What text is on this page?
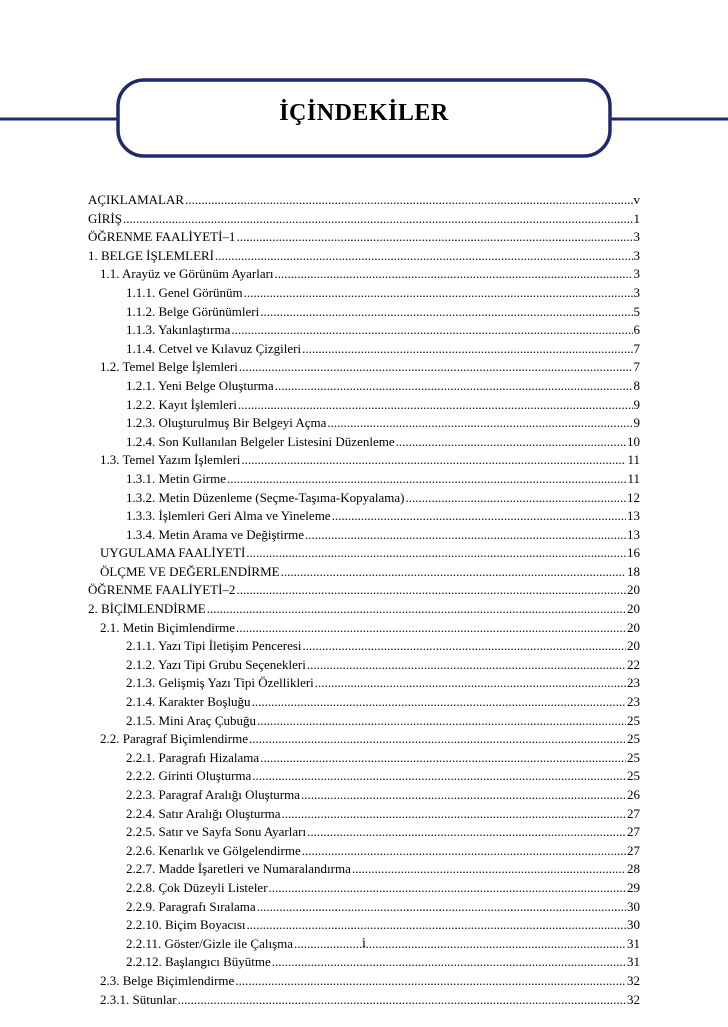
İÇİNDEKİLER
AÇIKLAMALAR .....	v
GİRİŞ .....	1
ÖĞRENME FAALİYETİ–1 .....	3
1. BELGE İŞLEMLERİ .....	3
1.1. Arayüz ve Görünüm Ayarları .....	3
1.1.1. Genel Görünüm .....	3
1.1.2. Belge Görünümleri .....	5
1.1.3. Yakınlaştırma .....	6
1.1.4. Cetvel ve Kılavuz Çizgileri .....	7
1.2. Temel Belge İşlemleri .....	7
1.2.1. Yeni Belge Oluşturma .....	8
1.2.2. Kayıt İşlemleri .....	9
1.2.3. Oluşturulmuş Bir Belgeyi Açma .....	9
1.2.4. Son Kullanılan Belgeler Listesini Düzenleme .....	10
1.3. Temel Yazım İşlemleri .....	11
1.3.1. Metin Girme .....	11
1.3.2. Metin Düzenleme (Seçme-Taşıma-Kopyalama) .....	12
1.3.3. İşlemleri Geri Alma ve Yineleme .....	13
1.3.4. Metin Arama ve Değiştirme .....	13
UYGULAMA FAALİYETİ .....	16
ÖLÇME VE DEĞERLENDİRME .....	18
ÖĞRENME FAALİYETİ–2 .....	20
2. BİÇİMLENDİRME .....	20
2.1. Metin Biçimlendirme .....	20
2.1.1. Yazı Tipi İletişim Penceresi .....	20
2.1.2. Yazı Tipi Grubu Seçenekleri .....	22
2.1.3. Gelişmiş Yazı Tipi Özellikleri .....	23
2.1.4. Karakter Boşluğu .....	23
2.1.5. Mini Araç Çubuğu .....	25
2.2. Paragraf Biçimlendirme .....	25
2.2.1. Paragrafı Hizalama .....	25
2.2.2. Girinti Oluşturma .....	25
2.2.3. Paragraf Aralığı Oluşturma .....	26
2.2.4. Satır Aralığı Oluşturma .....	27
2.2.5. Satır ve Sayfa Sonu Ayarları .....	27
2.2.6. Kenarlık ve Gölgelendirme .....	27
2.2.7. Madde İşaretleri ve Numaralandırma .....	28
2.2.8. Çok Düzeyli Listeler .....	29
2.2.9. Paragrafı Sıralama .....	30
2.2.10. Biçim Boyacısı .....	30
2.2.11. Göster/Gizle ile Çalışma .....	31
2.2.12. Başlangıcı Büyütme .....	31
2.3. Belge Biçimlendirme .....	32
2.3.1. Sütunlar .....	32
i
